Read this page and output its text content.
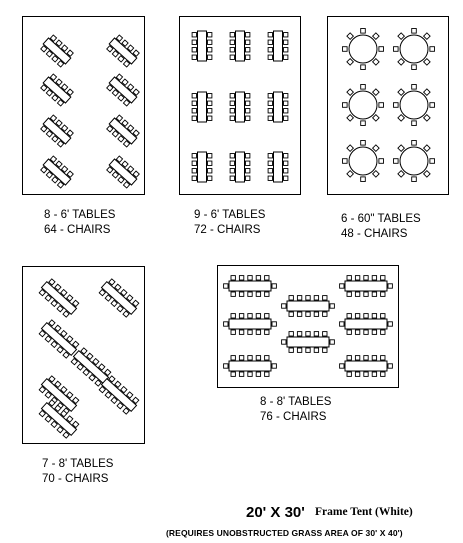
8 - 6' TABLES
64 - CHAIRS
9 - 6' TABLES
72 - CHAIRS
6 - 60" TABLES
48 - CHAIRS
7 - 8' TABLES
70 - CHAIRS
8 - 8' TABLES
76 - CHAIRS
20' X 30' Frame Tent (White)
(REQUIRES UNOBSTRUCTED GRASS AREA OF 30' X 40')
